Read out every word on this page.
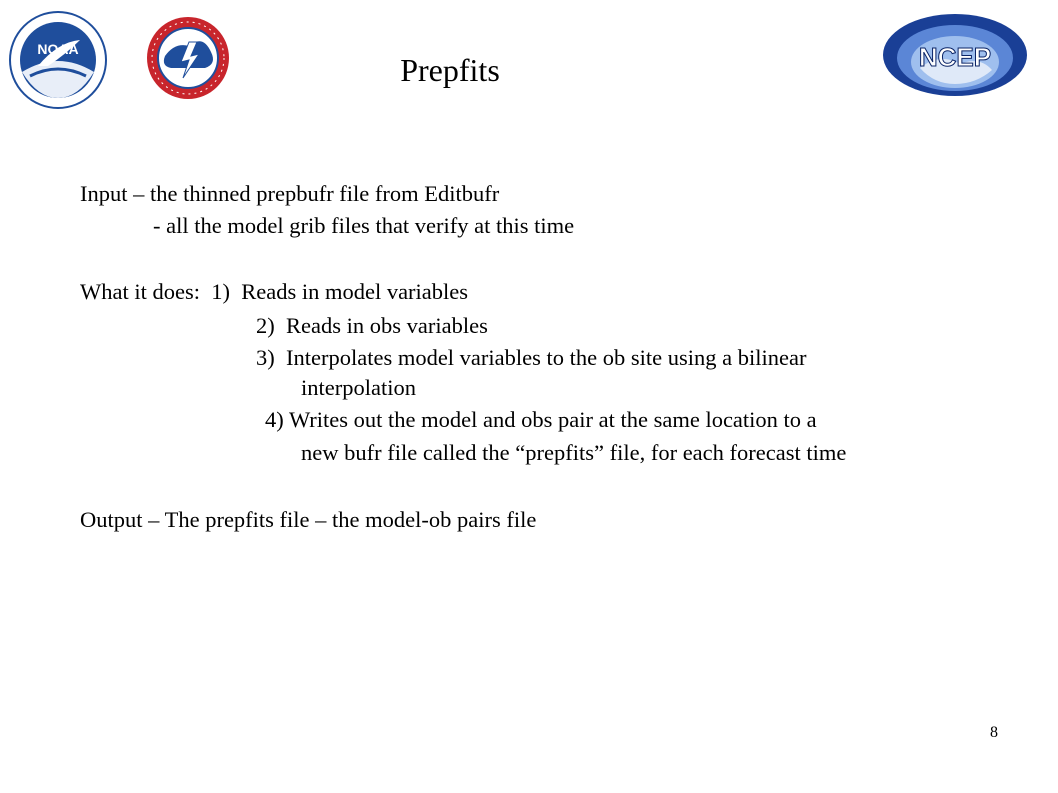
NOAA	NCEP
Prepfits
Input – the thinned prepbufr file from Editbufr
- all the model grib files that verify at this time
What it does:  1)  Reads in model variables
2)  Reads in obs variables
3)  Interpolates model variables to the ob site using a bilinear
interpolation
4) Writes out the model and obs pair at the same location to a
new bufr file called the “prepfits” file, for each forecast time
Output – The prepfits file – the model-ob pairs file
8
